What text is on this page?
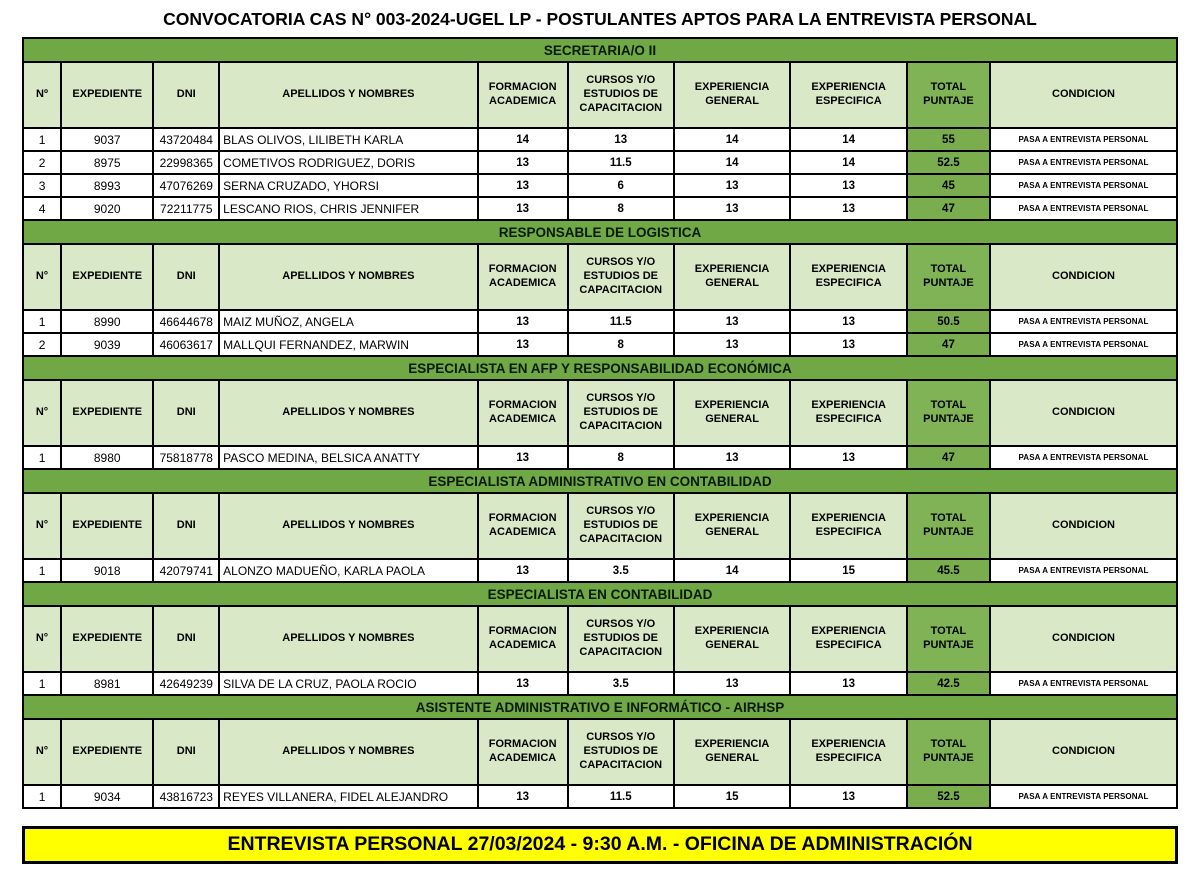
CONVOCATORIA CAS N° 003-2024-UGEL LP - POSTULANTES APTOS PARA LA ENTREVISTA PERSONAL
SECRETARIA/O II									
Nº	EXPEDIENTE	DNI	APELLIDOS Y NOMBRES	FORMACION ACADEMICA	CURSOS Y/O ESTUDIOS DE CAPACITACION	EXPERIENCIA GENERAL	EXPERIENCIA ESPECIFICA	TOTAL PUNTAJE	CONDICION
1	9037	43720484	BLAS OLIVOS, LILIBETH KARLA	14	13	14	14	55	PASA A ENTREVISTA PERSONAL
2	8975	22998365	COMETIVOS RODRIGUEZ, DORIS	13	11.5	14	14	52.5	PASA A ENTREVISTA PERSONAL
3	8993	47076269	SERNA CRUZADO, YHORSI	13	6	13	13	45	PASA A ENTREVISTA PERSONAL
4	9020	72211775	LESCANO RIOS, CHRIS JENNIFER	13	8	13	13	47	PASA A ENTREVISTA PERSONAL
RESPONSABLE DE LOGISTICA									
N°	EXPEDIENTE	DNI	APELLIDOS Y NOMBRES	FORMACION ACADEMICA	CURSOS Y/O ESTUDIOS DE CAPACITACION	EXPERIENCIA GENERAL	EXPERIENCIA ESPECIFICA	TOTAL PUNTAJE	CONDICION
1	8990	46644678	MAIZ MUÑOZ, ANGELA	13	11.5	13	13	50.5	PASA A ENTREVISTA PERSONAL
2	9039	46063617	MALLQUI FERNANDEZ, MARWIN	13	8	13	13	47	PASA A ENTREVISTA PERSONAL
ESPECIALISTA EN AFP Y RESPONSABILIDAD ECONÓMICA									
N°	EXPEDIENTE	DNI	APELLIDOS Y NOMBRES	FORMACION ACADEMICA	CURSOS Y/O ESTUDIOS DE CAPACITACION	EXPERIENCIA GENERAL	EXPERIENCIA ESPECIFICA	TOTAL PUNTAJE	CONDICION
1	8980	75818778	PASCO MEDINA, BELSICA ANATTY	13	8	13	13	47	PASA A ENTREVISTA PERSONAL
ESPECIALISTA ADMINISTRATIVO EN CONTABILIDAD									
N°	EXPEDIENTE	DNI	APELLIDOS Y NOMBRES	FORMACION ACADEMICA	CURSOS Y/O ESTUDIOS DE CAPACITACION	EXPERIENCIA GENERAL	EXPERIENCIA ESPECIFICA	TOTAL PUNTAJE	CONDICION
1	9018	42079741	ALONZO MADUEÑO, KARLA PAOLA	13	3.5	14	15	45.5	PASA A ENTREVISTA PERSONAL
ESPECIALISTA EN CONTABILIDAD									
N°	EXPEDIENTE	DNI	APELLIDOS Y NOMBRES	FORMACION ACADEMICA	CURSOS Y/O ESTUDIOS DE CAPACITACION	EXPERIENCIA GENERAL	EXPERIENCIA ESPECIFICA	TOTAL PUNTAJE	CONDICION
1	8981	42649239	SILVA DE LA CRUZ, PAOLA ROCIO	13	3.5	13	13	42.5	PASA A ENTREVISTA PERSONAL
ASISTENTE ADMINISTRATIVO E INFORMÁTICO - AIRHSP									
N°	EXPEDIENTE	DNI	APELLIDOS Y NOMBRES	FORMACION ACADEMICA	CURSOS Y/O ESTUDIOS DE CAPACITACION	EXPERIENCIA GENERAL	EXPERIENCIA ESPECIFICA	TOTAL PUNTAJE	CONDICION
1	9034	43816723	REYES VILLANERA, FIDEL ALEJANDRO	13	11.5	15	13	52.5	PASA A ENTREVISTA PERSONAL
ENTREVISTA PERSONAL 27/03/2024 - 9:30 A.M. - OFICINA DE ADMINISTRACIÓN
